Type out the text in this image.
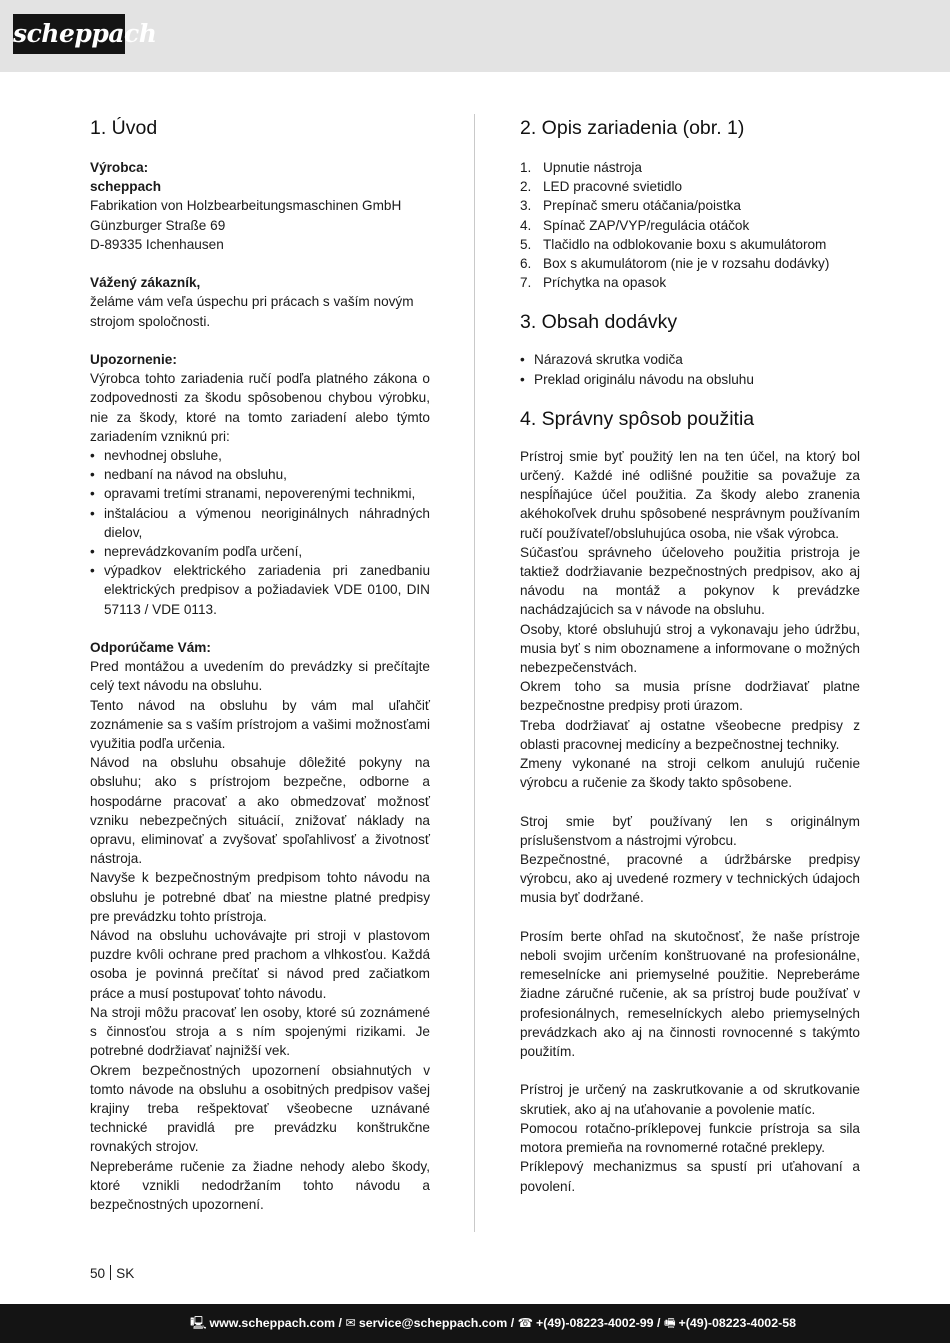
scheppach
1. Úvod

Výrobca:

scheppach

Fabrikation von Holzbearbeitungsmaschinen GmbH

Günzburger Straße 69

D-89335 Ichenhausen

Vážený zákazník,

želáme vám veľa úspechu pri prácach s vaším novým strojom spoločnosti.

Upozornenie:

Výrobca tohto zariadenia ručí podľa platného zákona o zodpovednosti za škodu spôsobenou chybou výrobku, nie za škody, ktoré na tomto zariadení alebo týmto zariadením vzniknú pri:

• nevhodnej obsluhe,
• nedbaní na návod na obsluhu,
• opravami tretími stranami, nepoverenými technikmi,
• inštaláciou a výmenou neoriginálnych náhradných dielov,
• neprevádzkovaním podľa určení,
• výpadkov elektrického zariadenia pri zanedbaniu elektrických predpisov a požiadaviek VDE 0100, DIN 57113 / VDE 0113.

Odporúčame Vám:

Pred montážou a uvedením do prevádzky si prečítajte celý text návodu na obsluhu.

Tento návod na obsluhu by vám mal uľahčiť zoznámenie sa s vaším prístrojom a vašimi možnosťami využitia podľa určenia.

Návod na obsluhu obsahuje dôležité pokyny na obsluhu; ako s prístrojom bezpečne, odborne a hospodárne pracovať a ako obmedzovať možnosť vzniku nebezpečných situácií, znižovať náklady na opravu, eliminovať a zvyšovať spoľahlivosť a životnosť nástroja.

Navyše k bezpečnostným predpisom tohto návodu na obsluhu je potrebné dbať na miestne platné predpisy pre prevádzku tohto prístroja.

Návod na obsluhu uchovávajte pri stroji v plastovom puzdre kvôli ochrane pred prachom a vlhkosťou. Každá osoba je povinná prečítať si návod pred začiatkom práce a musí postupovať tohto návodu.

Na stroji môžu pracovať len osoby, ktoré sú zoznámené s činnosťou stroja a s ním spojenými rizikami. Je potrebné dodržiavať najnižší vek.

Okrem bezpečnostných upozornení obsiahnutých v tomto návode na obsluhu a osobitných predpisov vašej krajiny treba rešpektovať všeobecne uznávané technické pravidlá pre prevádzku konštrukčne rovnakých strojov.

Nepreberáme ručenie za žiadne nehody alebo škody, ktoré vznikli nedodržaním tohto návodu a bezpečnostných upozornení.

2. Opis zariadenia (obr. 1)
1. Upnutie nástroja
2. LED pracovné svietidlo
3. Prepínač smeru otáčania/poistka
4. Spínač ZAP/VYP/regulácia otáčok
5. Tlačidlo na odblokovanie boxu s akumulátorom
6. Box s akumulátorom (nie je v rozsahu dodávky)
7. Príchytka na opasok
3. Obsah dodávky
• Nárazová skrutka vodiča
• Preklad originálu návodu na obsluhu
4. Správny spôsob použitia

Prístroj smie byť použitý len na ten účel, na ktorý bol určený. Každé iné odlišné použitie sa považuje za nespĺňajúce účel použitia. Za škody alebo zranenia akéhokoľvek druhu spôsobené nesprávnym používaním ručí používateľ/obsluhujúca osoba, nie však výrobca.

Súčasťou správneho účeloveho použitia pristroja je taktiež dodržiavanie bezpečnostných predpisov, ako aj návodu na montáž a pokynov k prevádzke nachádzajúcich sa v návode na obsluhu.

Osoby, ktoré obsluhujú stroj a vykonavaju jeho údržbu, musia byť s nim oboznamene a informovane o možných nebezpečenstvách.

Okrem toho sa musia prísne dodržiavať platne bezpečnostne predpisy proti úrazom.

Treba dodržiavať aj ostatne všeobecne predpisy z oblasti pracovnej medicíny a bezpečnostnej techniky.

Zmeny vykonané na stroji celkom anulujú ručenie výrobcu a ručenie za škody takto spôsobene.

Stroj smie byť používaný len s originálnym príslušenstvom a nástrojmi výrobcu.

Bezpečnostné, pracovné a údržbárske predpisy výrobcu, ako aj uvedené rozmery v technických údajoch musia byť dodržané.

Prosím berte ohľad na skutočnosť, že naše prístroje neboli svojim určením konštruované na profesionálne, remeselnícke ani priemyselné použitie. Nepreberáme žiadne záručné ručenie, ak sa prístroj bude používať v profesionálnych, remeselníckych alebo priemyselných prevádzkach ako aj na činnosti rovnocenné s takýmto použitím.

Prístroj je určený na zaskrutkovanie a od skrutkovanie skrutiek, ako aj na uťahovanie a povolenie matíc.

Pomocou rotačno-príklepovej funkcie prístroja sa sila motora premieňa na rovnomerné rotačné preklepy.

Príklepový mechanizmus sa spustí pri uťahovaní a povolení.

50 SK
🖳 www.scheppach.com / ✉ service@scheppach.com / ☎ +(49)-08223-4002-99 / 🖷 +(49)-08223-4002-58
